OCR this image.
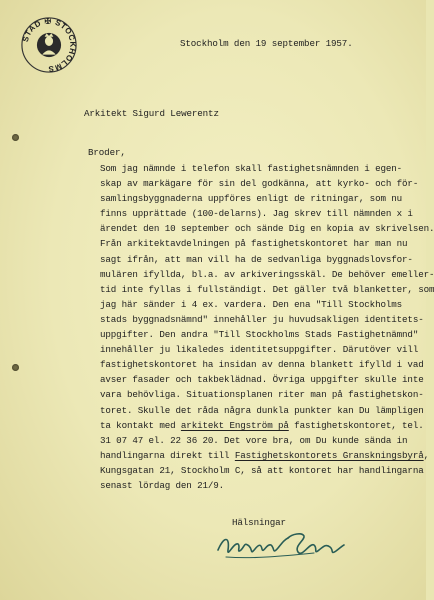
STAD ✠ STOCKHOLMS

Stockholm den 19 september 1957.

Arkitekt Sigurd Lewerentz

Broder,

Som jag nämnde i telefon skall fastighetsnämnden i egen-
skap av markägare för sin del godkänna, att kyrko- och för-
samlingsbyggnaderna uppföres enligt de ritningar, som nu
finns upprättade (100-delarns). Jag skrev till nämnden x i
ärendet den 10 september och sände Dig en kopia av skrivelsen.
Från arkitektavdelningen på fastighetskontoret har man nu
sagt ifrån, att man vill ha de sedvanliga byggnadslovsfor-
mulären ifyllda, bl.a. av arkiveringsskäl. De behöver emeller-
tid inte fyllas i fullständigt. Det gäller två blanketter, som
jag här sänder i 4 ex. vardera. Den ena "Till Stockholms
stads byggnadsnämnd" innehåller ju huvudsakligen identitets-
uppgifter. Den andra "Till Stockholms Stads Fastighetnämnd"
innehåller ju likaledes identitetsuppgifter. Därutöver vill
fastighetskontoret ha insidan av denna blankett ifylld i vad
avser fasader och takbeklädnad. Övriga uppgifter skulle inte
vara behövliga. Situationsplanen riter man på fastighetskon-
toret. Skulle det råda några dunkla punkter kan Du lämpligen
ta kontakt med arkitekt Engström på fastighetskontoret, tel.
31 07 47 el. 22 36 20. Det vore bra, om Du kunde sända in
handlingarna direkt till Fastighetskontorets Granskningsbyrå,
Kungsgatan 21, Stockholm C, så att kontoret har handlingarna
senast lördag den 21/9.

Hälsningar
